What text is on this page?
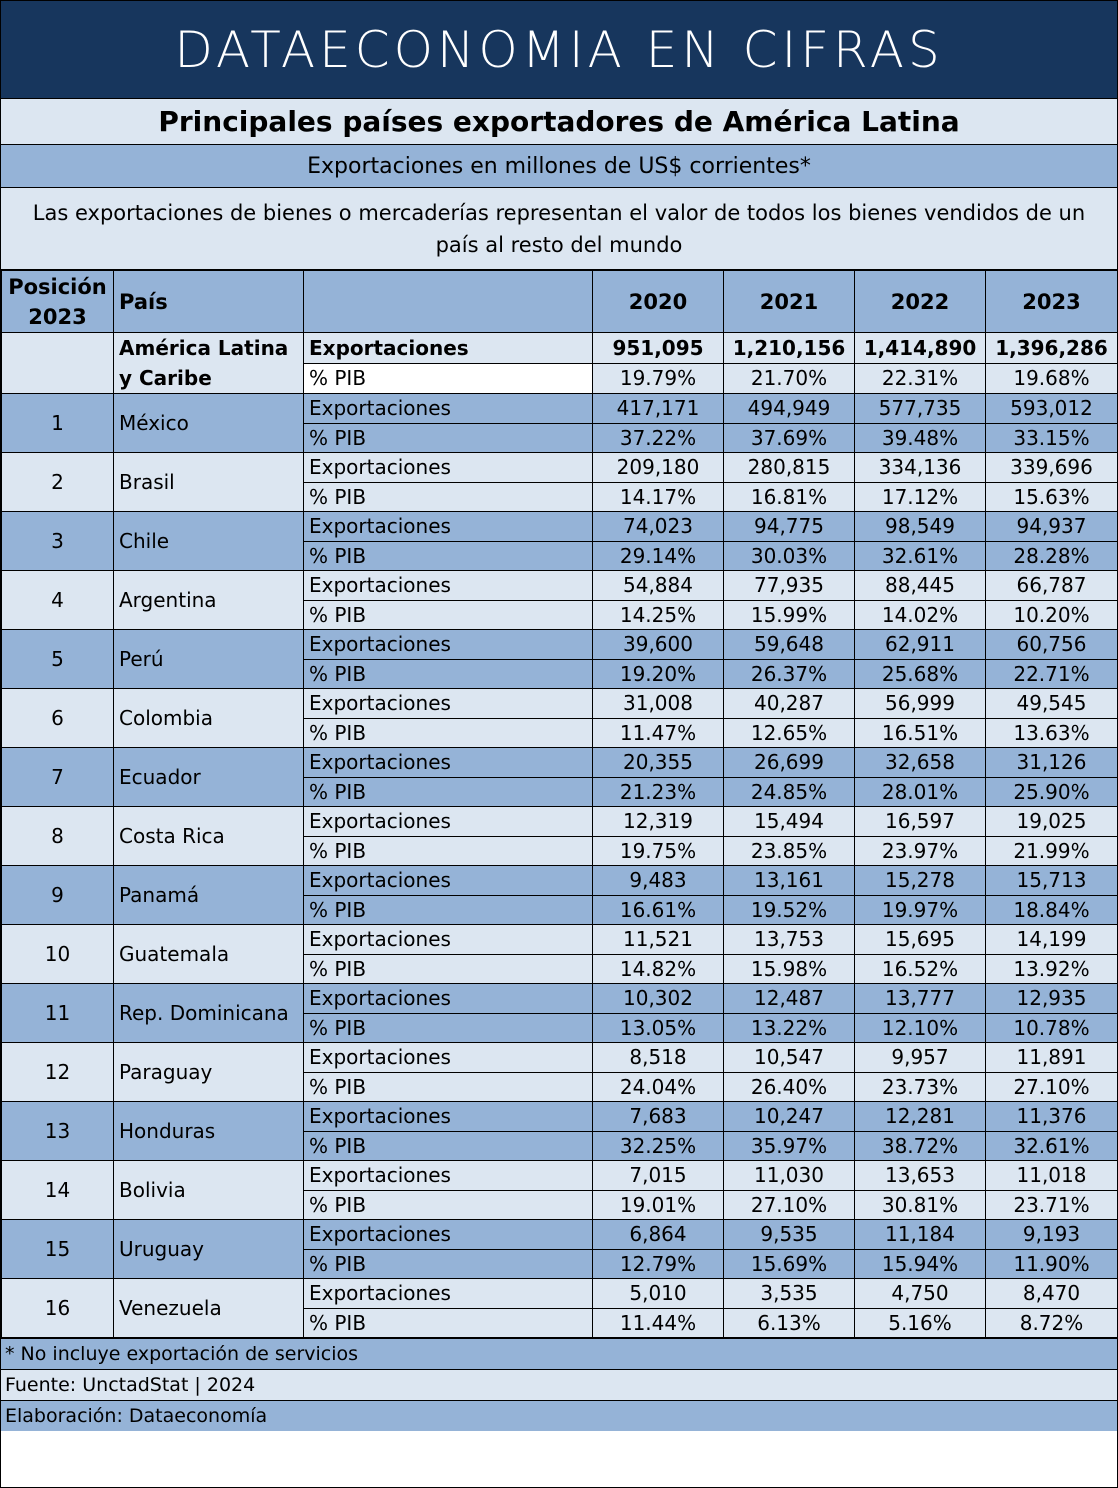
DATAECONOMIA EN CIFRAS
Principales países exportadores de América Latina
Exportaciones en millones de US$ corrientes*
Las exportaciones de bienes o mercaderías representan el valor de todos los bienes vendidos de un país al resto del mundo
Posición
2023	País		2020	2021	2022	2023
	América Latina y Caribe	Exportaciones	951,095	1,210,156	1,414,890	1,396,286
		% PIB	19.79%	21.70%	22.31%	19.68%
1	México	Exportaciones	417,171	494,949	577,735	593,012
		% PIB	37.22%	37.69%	39.48%	33.15%
2	Brasil	Exportaciones	209,180	280,815	334,136	339,696
		% PIB	14.17%	16.81%	17.12%	15.63%
3	Chile	Exportaciones	74,023	94,775	98,549	94,937
		% PIB	29.14%	30.03%	32.61%	28.28%
4	Argentina	Exportaciones	54,884	77,935	88,445	66,787
		% PIB	14.25%	15.99%	14.02%	10.20%
5	Perú	Exportaciones	39,600	59,648	62,911	60,756
		% PIB	19.20%	26.37%	25.68%	22.71%
6	Colombia	Exportaciones	31,008	40,287	56,999	49,545
		% PIB	11.47%	12.65%	16.51%	13.63%
7	Ecuador	Exportaciones	20,355	26,699	32,658	31,126
		% PIB	21.23%	24.85%	28.01%	25.90%
8	Costa Rica	Exportaciones	12,319	15,494	16,597	19,025
		% PIB	19.75%	23.85%	23.97%	21.99%
9	Panamá	Exportaciones	9,483	13,161	15,278	15,713
		% PIB	16.61%	19.52%	19.97%	18.84%
10	Guatemala	Exportaciones	11,521	13,753	15,695	14,199
		% PIB	14.82%	15.98%	16.52%	13.92%
11	Rep. Dominicana	Exportaciones	10,302	12,487	13,777	12,935
		% PIB	13.05%	13.22%	12.10%	10.78%
12	Paraguay	Exportaciones	8,518	10,547	9,957	11,891
		% PIB	24.04%	26.40%	23.73%	27.10%
13	Honduras	Exportaciones	7,683	10,247	12,281	11,376
		% PIB	32.25%	35.97%	38.72%	32.61%
14	Bolivia	Exportaciones	7,015	11,030	13,653	11,018
		% PIB	19.01%	27.10%	30.81%	23.71%
15	Uruguay	Exportaciones	6,864	9,535	11,184	9,193
		% PIB	12.79%	15.69%	15.94%	11.90%
16	Venezuela	Exportaciones	5,010	3,535	4,750	8,470
		% PIB	11.44%	6.13%	5.16%	8.72%
* No incluye exportación de servicios
Fuente: UnctadStat | 2024
Elaboración: Dataeconomía
